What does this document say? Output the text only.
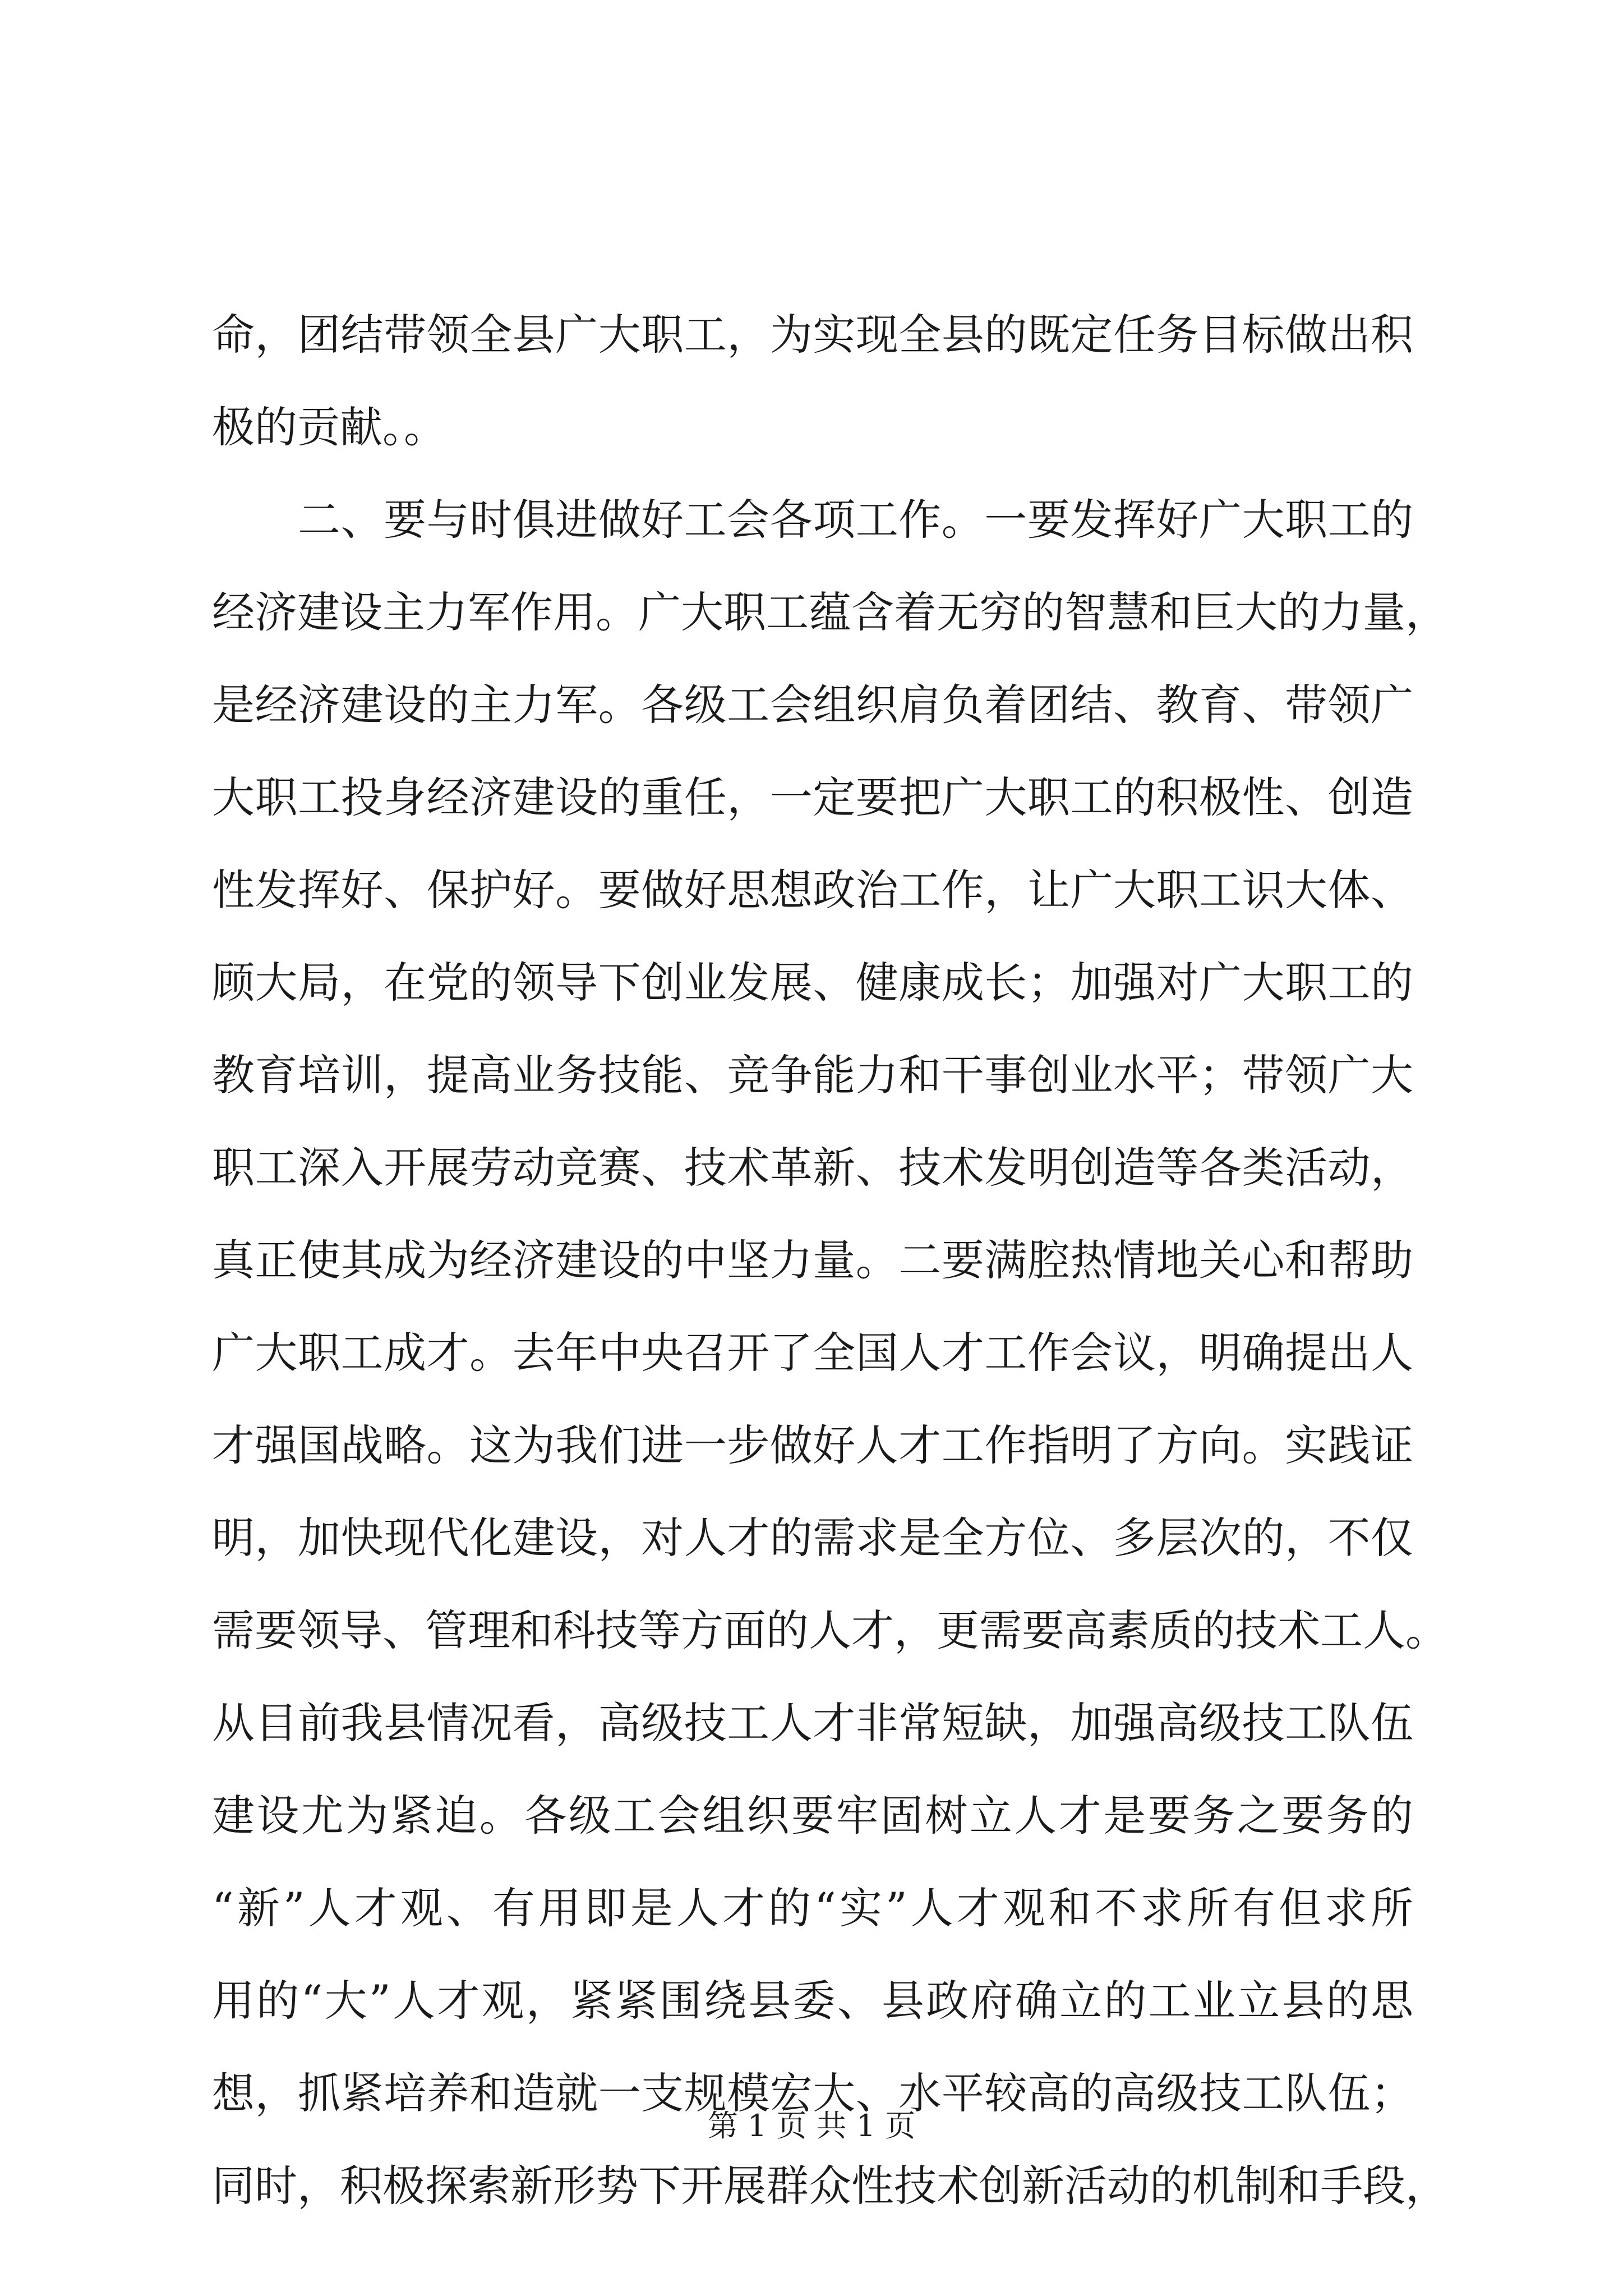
命，团结带领全县广大职工，为实现全县的既定任务目标做出积
极的贡献。。
二、要与时俱进做好工会各项工作。一要发挥好广大职工的
经济建设主力军作用。广大职工蕴含着无穷的智慧和巨大的力量，
是经济建设的主力军。各级工会组织肩负着团结、教育、带领广
大职工投身经济建设的重任，一定要把广大职工的积极性、创造
性发挥好、保护好。要做好思想政治工作，让广大职工识大体、
顾大局，在党的领导下创业发展、健康成长；加强对广大职工的
教育培训，提高业务技能、竞争能力和干事创业水平；带领广大
职工深入开展劳动竞赛、技术革新、技术发明创造等各类活动，
真正使其成为经济建设的中坚力量。二要满腔热情地关心和帮助
广大职工成才。去年中央召开了全国人才工作会议，明确提出人
才强国战略。这为我们进一步做好人才工作指明了方向。实践证
明，加快现代化建设，对人才的需求是全方位、多层次的，不仅
需要领导、管理和科技等方面的人才，更需要高素质的技术工人。
从目前我县情况看，高级技工人才非常短缺，加强高级技工队伍
建设尤为紧迫。各级工会组织要牢固树立人才是要务之要务的
“新”人才观、有用即是人才的“实”人才观和不求所有但求所
用的“大”人才观，紧紧围绕县委、县政府确立的工业立县的思
想，抓紧培养和造就一支规模宏大、水平较高的高级技工队伍；
同时，积极探索新形势下开展群众性技术创新活动的机制和手段，
第 1 页 共 1 页
